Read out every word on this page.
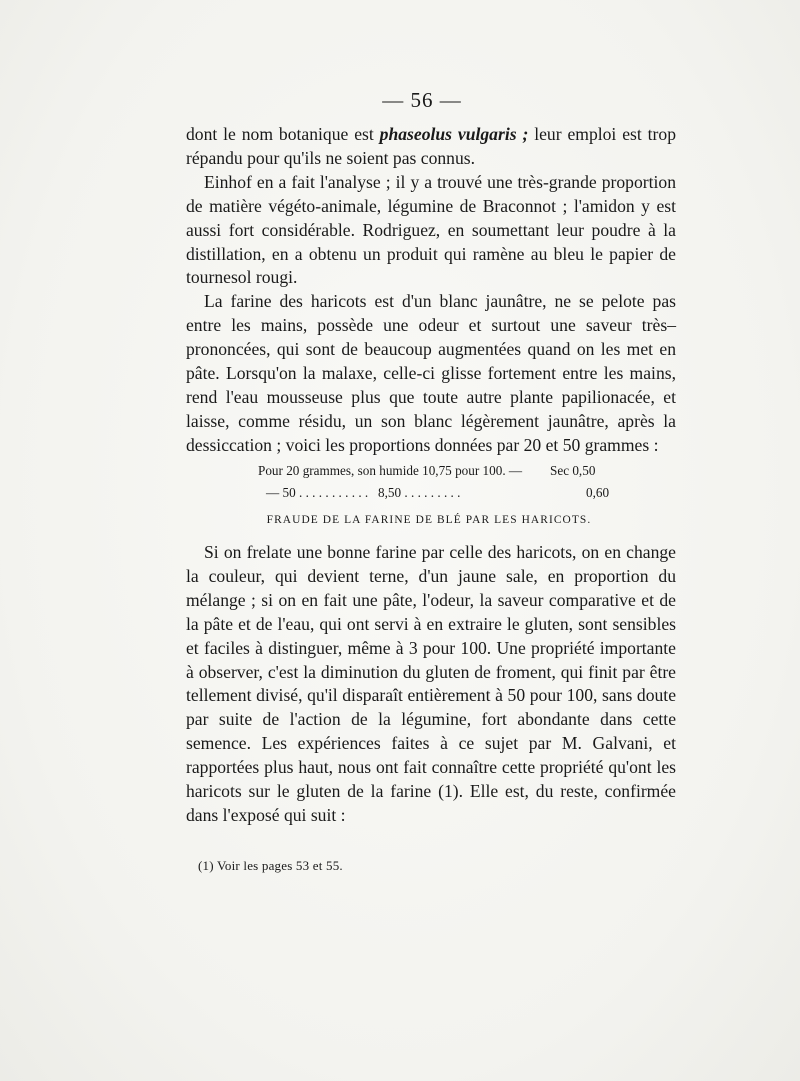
— 56 —

dont le nom botanique est phaseolus vulgaris ; leur emploi est trop répandu pour qu'ils ne soient pas connus.

Einhof en a fait l'analyse ; il y a trouvé une très-grande proportion de matière végéto-animale, légumine de Braconnot ; l'amidon y est aussi fort considérable. Rodriguez, en soumettant leur poudre à la distillation, en a obtenu un produit qui ramène au bleu le papier de tournesol rougi.

La farine des haricots est d'un blanc jaunâtre, ne se pelote pas entre les mains, possède une odeur et surtout une saveur très–prononcées, qui sont de beaucoup augmentées quand on les met en pâte. Lorsqu'on la malaxe, celle-ci glisse fortement entre les mains, rend l'eau mousseuse plus que toute autre plante papilionacée, et laisse, comme résidu, un son blanc légèrement jaunâtre, après la dessiccation ; voici les proportions données par 20 et 50 grammes :

Pour 20 grammes, son humide 10,75 pour 100. —	Sec 0,50
— 50 . . . . . . . . . . . 8,50 . . . . . . . . .	0,60
FRAUDE DE LA FARINE DE BLÉ PAR LES HARICOTS.

Si on frelate une bonne farine par celle des haricots, on en change la couleur, qui devient terne, d'un jaune sale, en proportion du mélange ; si on en fait une pâte, l'odeur, la saveur comparative et de la pâte et de l'eau, qui ont servi à en extraire le gluten, sont sensibles et faciles à distinguer, même à 3 pour 100. Une propriété importante à observer, c'est la diminution du gluten de froment, qui finit par être tellement divisé, qu'il disparaît entièrement à 50 pour 100, sans doute par suite de l'action de la légumine, fort abondante dans cette semence. Les expériences faites à ce sujet par M. Galvani, et rapportées plus haut, nous ont fait connaître cette propriété qu'ont les haricots sur le gluten de la farine (1). Elle est, du reste, confirmée dans l'exposé qui suit :

(1) Voir les pages 53 et 55.
